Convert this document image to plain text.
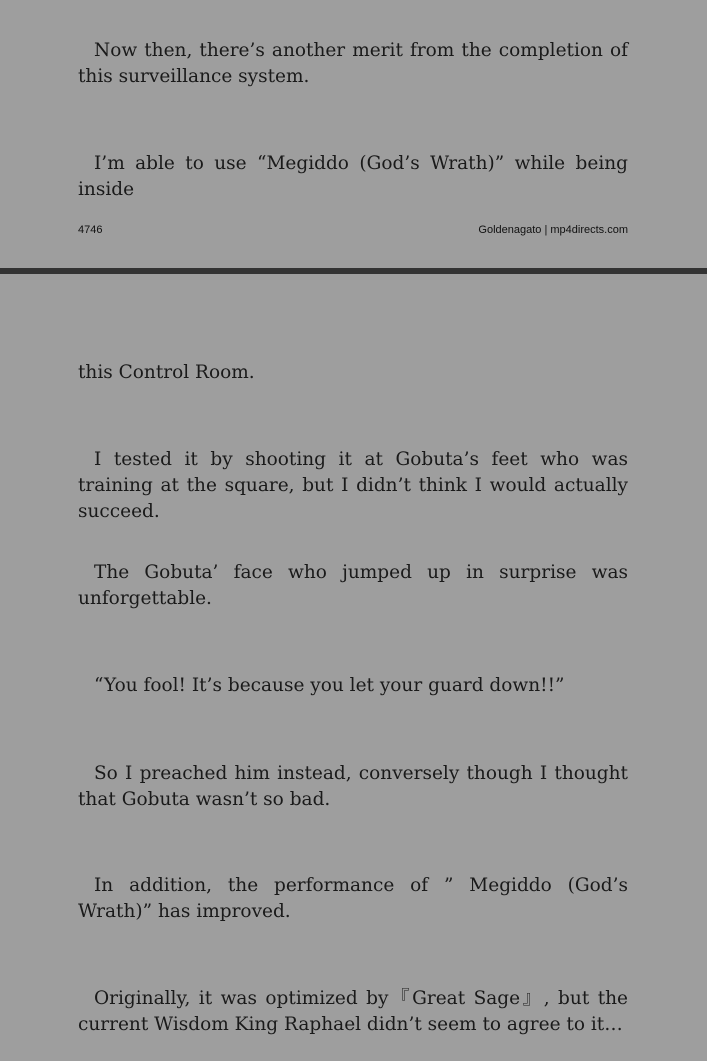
Now then, there’s another merit from the completion of this surveillance system.

I’m able to use “Megiddo (God’s Wrath)” while being inside

4746	Goldenagato | mp4directs.com

this Control Room.

I tested it by shooting it at Gobuta’s feet who was training at the square, but I didn’t think I would actually succeed.

The Gobuta’ face who jumped up in surprise was unforgettable.

“You fool! It’s because you let your guard down!!”

So I preached him instead, conversely though I thought that Gobuta wasn’t so bad.

In addition, the performance of ” Megiddo (God’s Wrath)” has improved.

Originally, it was optimized by『Great Sage』, but the current Wisdom King Raphael didn’t seem to agree to it…
